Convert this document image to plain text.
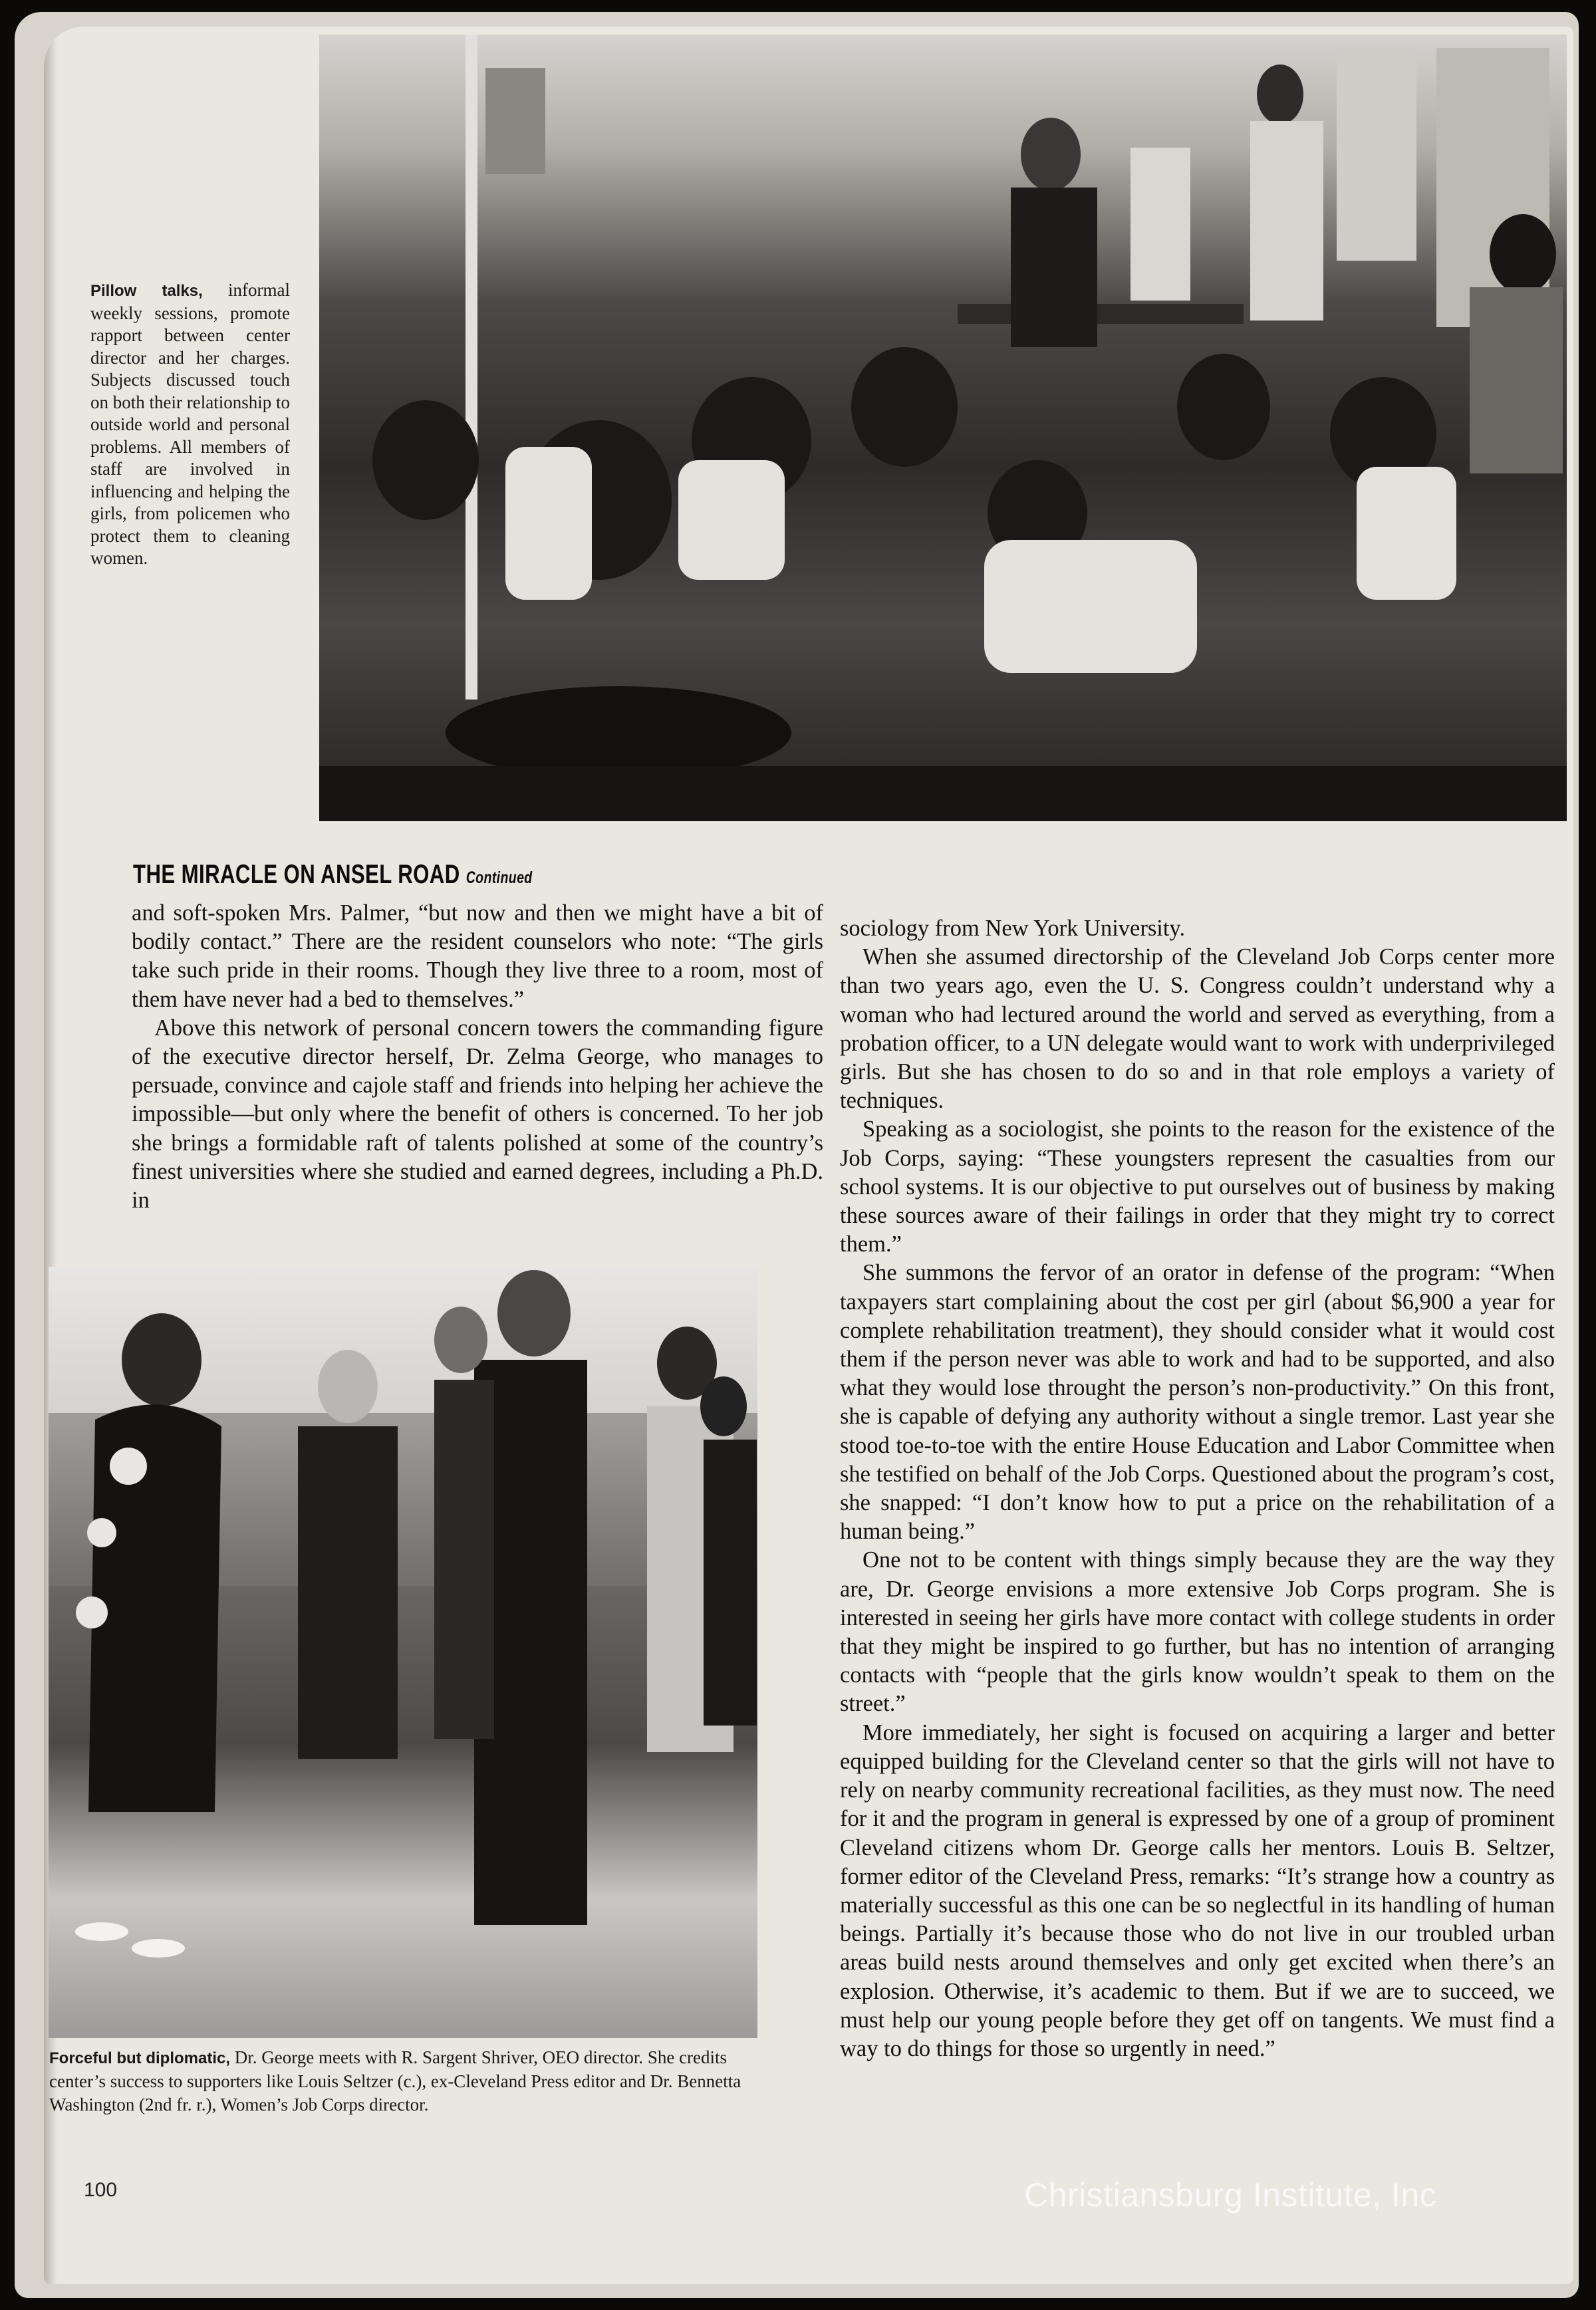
Pillow talks, informal weekly sessions, promote rapport between center director and her charges. Subjects discussed touch on both their relationship to outside world and personal problems. All members of staff are involved in influencing and helping the girls, from policemen who protect them to cleaning women.
THE MIRACLE ON ANSEL ROAD Continued

and soft-spoken Mrs. Palmer, “but now and then we might have a bit of bodily contact.” There are the resident counselors who note: “The girls take such pride in their rooms. Though they live three to a room, most of them have never had a bed to themselves.”

Above this network of personal concern towers the commanding figure of the executive director herself, Dr. Zelma George, who manages to persuade, convince and cajole staff and friends into helping her achieve the impossible—but only where the benefit of others is concerned. To her job she brings a formidable raft of talents polished at some of the country’s finest universities where she studied and earned degrees, including a Ph.D. in

sociology from New York University.

When she assumed directorship of the Cleveland Job Corps center more than two years ago, even the U. S. Congress couldn’t understand why a woman who had lectured around the world and served as everything, from a probation officer, to a UN delegate would want to work with underprivileged girls. But she has chosen to do so and in that role employs a variety of techniques.

Speaking as a sociologist, she points to the reason for the existence of the Job Corps, saying: “These youngsters represent the casualties from our school systems. It is our objective to put ourselves out of business by making these sources aware of their failings in order that they might try to correct them.”

She summons the fervor of an orator in defense of the program: “When taxpayers start complaining about the cost per girl (about $6,900 a year for complete rehabilitation treatment), they should consider what it would cost them if the person never was able to work and had to be supported, and also what they would lose throught the person’s non-productivity.” On this front, she is capable of defying any authority without a single tremor. Last year she stood toe-to-toe with the entire House Education and Labor Committee when she testified on behalf of the Job Corps. Questioned about the program’s cost, she snapped: “I don’t know how to put a price on the rehabilitation of a human being.”

One not to be content with things simply because they are the way they are, Dr. George envisions a more extensive Job Corps program. She is interested in seeing her girls have more contact with college students in order that they might be inspired to go further, but has no intention of arranging contacts with “people that the girls know wouldn’t speak to them on the street.”

More immediately, her sight is focused on acquiring a larger and better equipped building for the Cleveland center so that the girls will not have to rely on nearby community recreational facilities, as they must now. The need for it and the program in general is expressed by one of a group of prominent Cleveland citizens whom Dr. George calls her mentors. Louis B. Seltzer, former editor of the Cleveland Press, remarks: “It’s strange how a country as materially successful as this one can be so neglectful in its handling of human beings. Partially it’s because those who do not live in our troubled urban areas build nests around themselves and only get excited when there’s an explosion. Otherwise, it’s academic to them. But if we are to succeed, we must help our young people before they get off on tangents. We must find a way to do things for those so urgently in need.”

Forceful but diplomatic, Dr. George meets with R. Sargent Shriver, OEO director. She credits center’s success to supporters like Louis Seltzer (c.), ex-Cleveland Press editor and Dr. Bennetta Washington (2nd fr. r.), Women’s Job Corps director.
100	Christiansburg Institute, Inc
